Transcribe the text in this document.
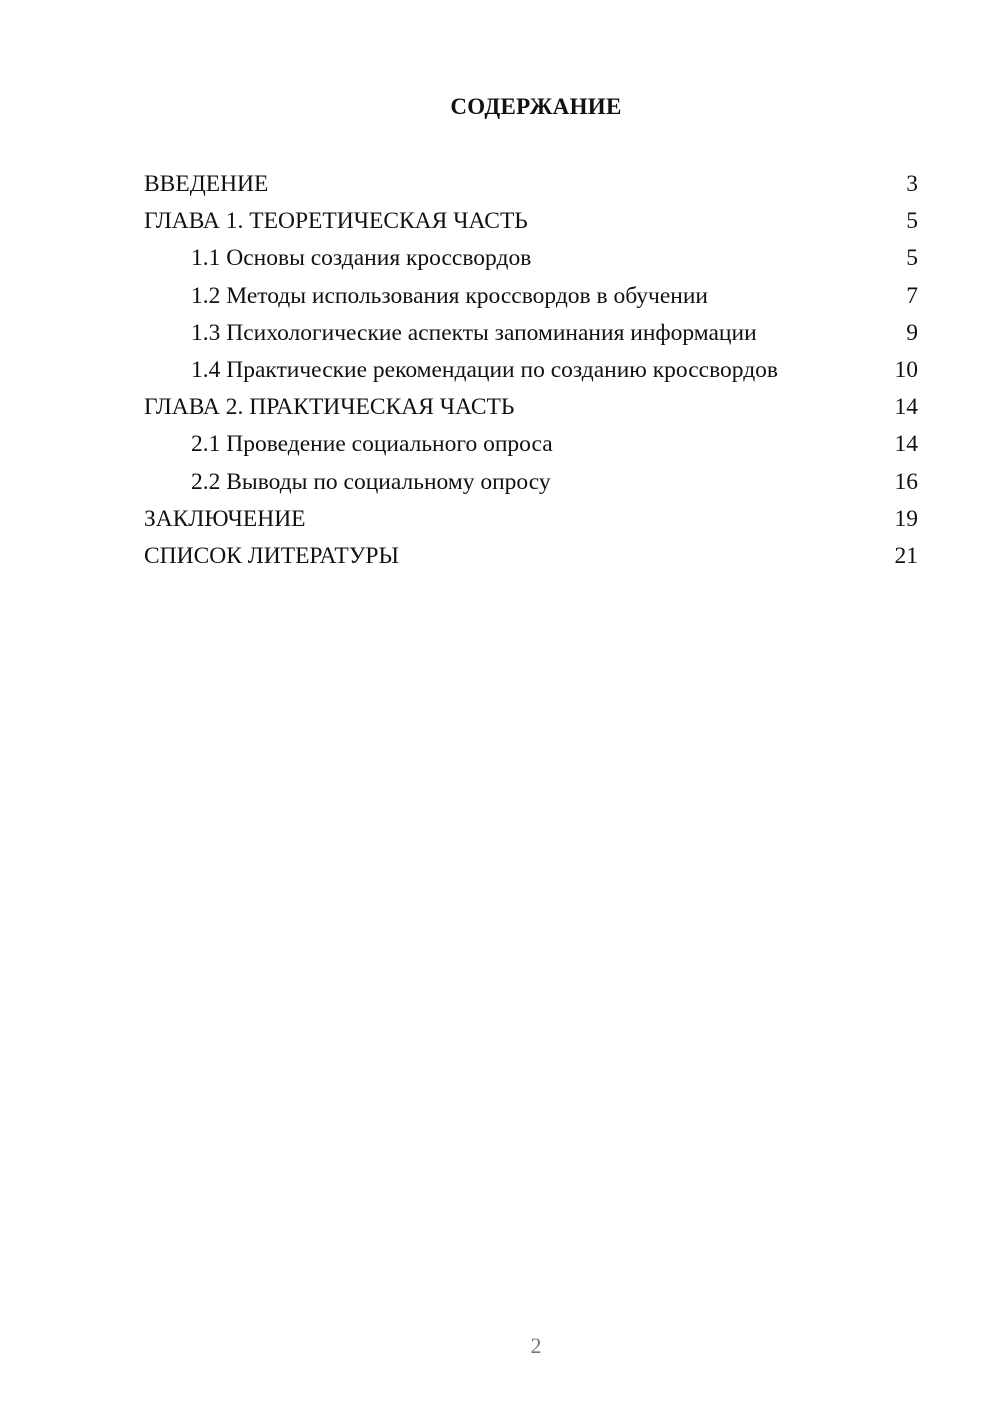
СОДЕРЖАНИЕ
ВВЕДЕНИЕ	3
ГЛАВА 1. ТЕОРЕТИЧЕСКАЯ ЧАСТЬ	5
1.1 Основы создания кроссвордов	5
1.2 Методы использования кроссвордов в обучении	7
1.3 Психологические аспекты запоминания информации	9
1.4 Практические рекомендации по созданию кроссвордов	10
ГЛАВА 2. ПРАКТИЧЕСКАЯ ЧАСТЬ	14
2.1 Проведение социального опроса	14
2.2 Выводы по социальному опросу	16
ЗАКЛЮЧЕНИЕ	19
СПИСОК ЛИТЕРАТУРЫ	21
2
